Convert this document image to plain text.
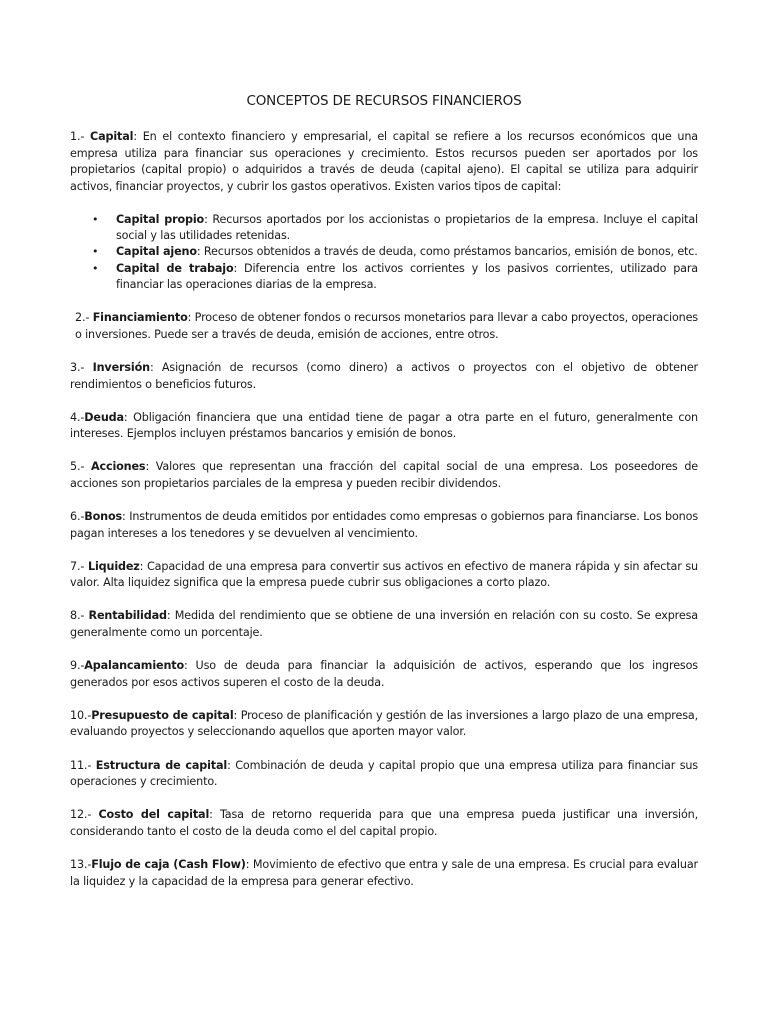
CONCEPTOS DE RECURSOS FINANCIEROS

1.- Capital: En el contexto financiero y empresarial, el capital se refiere a los recursos económicos que una empresa utiliza para financiar sus operaciones y crecimiento. Estos recursos pueden ser aportados por los propietarios (capital propio) o adquiridos a través de deuda (capital ajeno). El capital se utiliza para adquirir activos, financiar proyectos, y cubrir los gastos operativos. Existen varios tipos de capital:

• Capital propio: Recursos aportados por los accionistas o propietarios de la empresa. Incluye el capital social y las utilidades retenidas.
• Capital ajeno: Recursos obtenidos a través de deuda, como préstamos bancarios, emisión de bonos, etc.
• Capital de trabajo: Diferencia entre los activos corrientes y los pasivos corrientes, utilizado para financiar las operaciones diarias de la empresa.

2.- Financiamiento: Proceso de obtener fondos o recursos monetarios para llevar a cabo proyectos, operaciones o inversiones. Puede ser a través de deuda, emisión de acciones, entre otros.

3.- Inversión: Asignación de recursos (como dinero) a activos o proyectos con el objetivo de obtener rendimientos o beneficios futuros.

4.-Deuda: Obligación financiera que una entidad tiene de pagar a otra parte en el futuro, generalmente con intereses. Ejemplos incluyen préstamos bancarios y emisión de bonos.

5.- Acciones: Valores que representan una fracción del capital social de una empresa. Los poseedores de acciones son propietarios parciales de la empresa y pueden recibir dividendos.

6.-Bonos: Instrumentos de deuda emitidos por entidades como empresas o gobiernos para financiarse. Los bonos pagan intereses a los tenedores y se devuelven al vencimiento.

7.- Liquidez: Capacidad de una empresa para convertir sus activos en efectivo de manera rápida y sin afectar su valor. Alta liquidez significa que la empresa puede cubrir sus obligaciones a corto plazo.

8.- Rentabilidad: Medida del rendimiento que se obtiene de una inversión en relación con su costo. Se expresa generalmente como un porcentaje.

9.-Apalancamiento: Uso de deuda para financiar la adquisición de activos, esperando que los ingresos generados por esos activos superen el costo de la deuda.

10.-Presupuesto de capital: Proceso de planificación y gestión de las inversiones a largo plazo de una empresa, evaluando proyectos y seleccionando aquellos que aporten mayor valor.

11.- Estructura de capital: Combinación de deuda y capital propio que una empresa utiliza para financiar sus operaciones y crecimiento.

12.- Costo del capital: Tasa de retorno requerida para que una empresa pueda justificar una inversión, considerando tanto el costo de la deuda como el del capital propio.

13.-Flujo de caja (Cash Flow): Movimiento de efectivo que entra y sale de una empresa. Es crucial para evaluar la liquidez y la capacidad de la empresa para generar efectivo.
